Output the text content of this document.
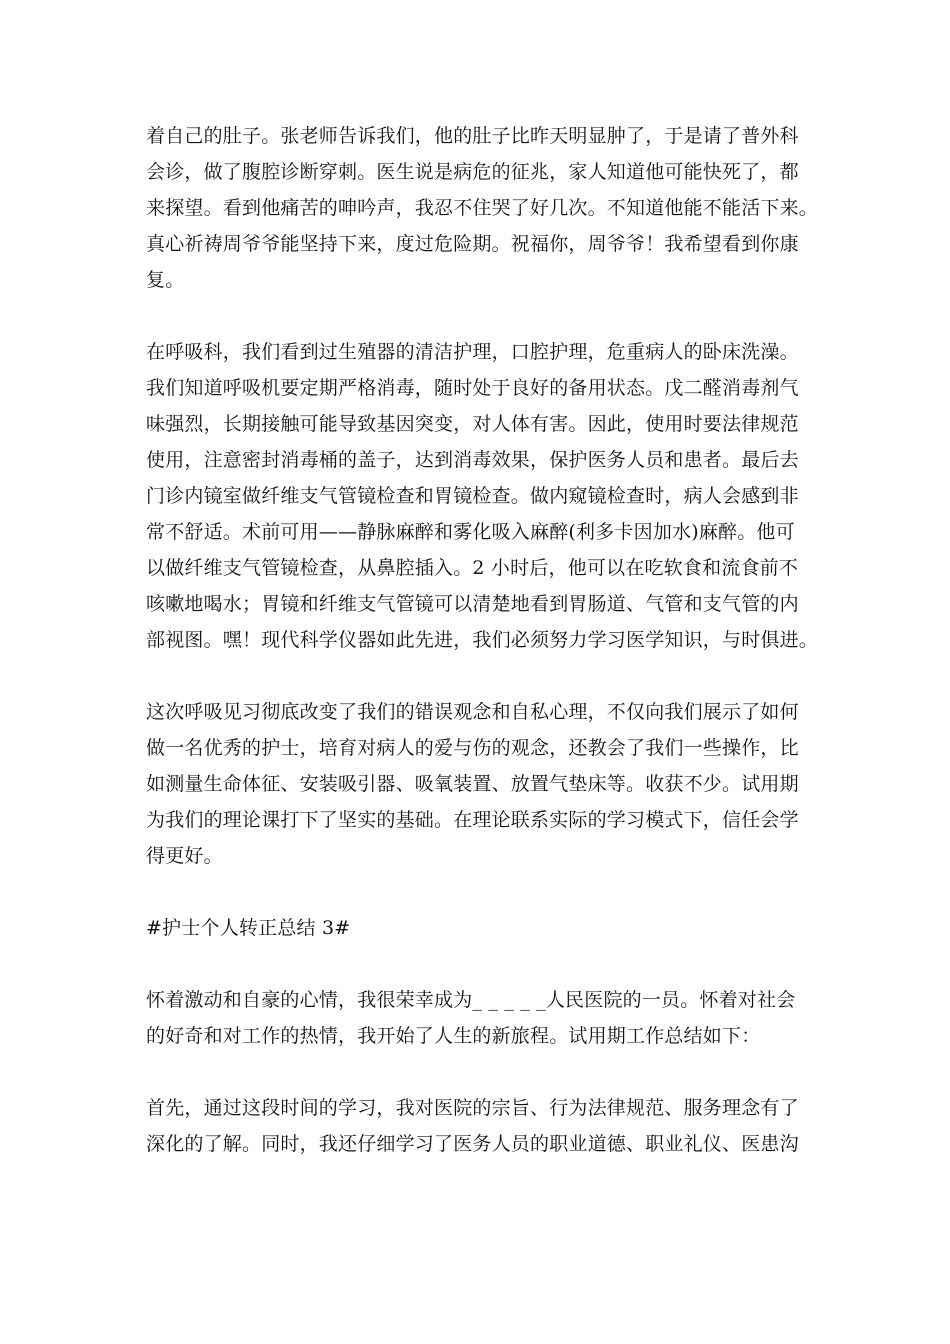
着自己的肚子。张老师告诉我们，他的肚子比昨天明显肿了，于是请了普外科
会诊，做了腹腔诊断穿刺。医生说是病危的征兆，家人知道他可能快死了，都
来探望。看到他痛苦的呻吟声，我忍不住哭了好几次。不知道他能不能活下来。
真心祈祷周爷爷能坚持下来，度过危险期。祝福你，周爷爷！我希望看到你康
复。
在呼吸科，我们看到过生殖器的清洁护理，口腔护理，危重病人的卧床洗澡。
我们知道呼吸机要定期严格消毒，随时处于良好的备用状态。戊二醛消毒剂气
味强烈，长期接触可能导致基因突变，对人体有害。因此，使用时要法律规范
使用，注意密封消毒桶的盖子，达到消毒效果，保护医务人员和患者。最后去
门诊内镜室做纤维支气管镜检查和胃镜检查。做内窥镜检查时，病人会感到非
常不舒适。术前可用——静脉麻醉和雾化吸入麻醉(利多卡因加水)麻醉。他可
以做纤维支气管镜检查，从鼻腔插入。2 小时后，他可以在吃软食和流食前不
咳嗽地喝水；胃镜和纤维支气管镜可以清楚地看到胃肠道、气管和支气管的内
部视图。嘿！现代科学仪器如此先进，我们必须努力学习医学知识，与时俱进。
这次呼吸见习彻底改变了我们的错误观念和自私心理，不仅向我们展示了如何
做一名优秀的护士，培育对病人的爱与伤的观念，还教会了我们一些操作，比
如测量生命体征、安装吸引器、吸氧装置、放置气垫床等。收获不少。试用期
为我们的理论课打下了坚实的基础。在理论联系实际的学习模式下，信任会学
得更好。
#护士个人转正总结 3#
怀着激动和自豪的心情，我很荣幸成为_ _ _ _ _人民医院的一员。怀着对社会
的好奇和对工作的热情，我开始了人生的新旅程。试用期工作总结如下：
首先，通过这段时间的学习，我对医院的宗旨、行为法律规范、服务理念有了
深化的了解。同时，我还仔细学习了医务人员的职业道德、职业礼仪、医患沟
